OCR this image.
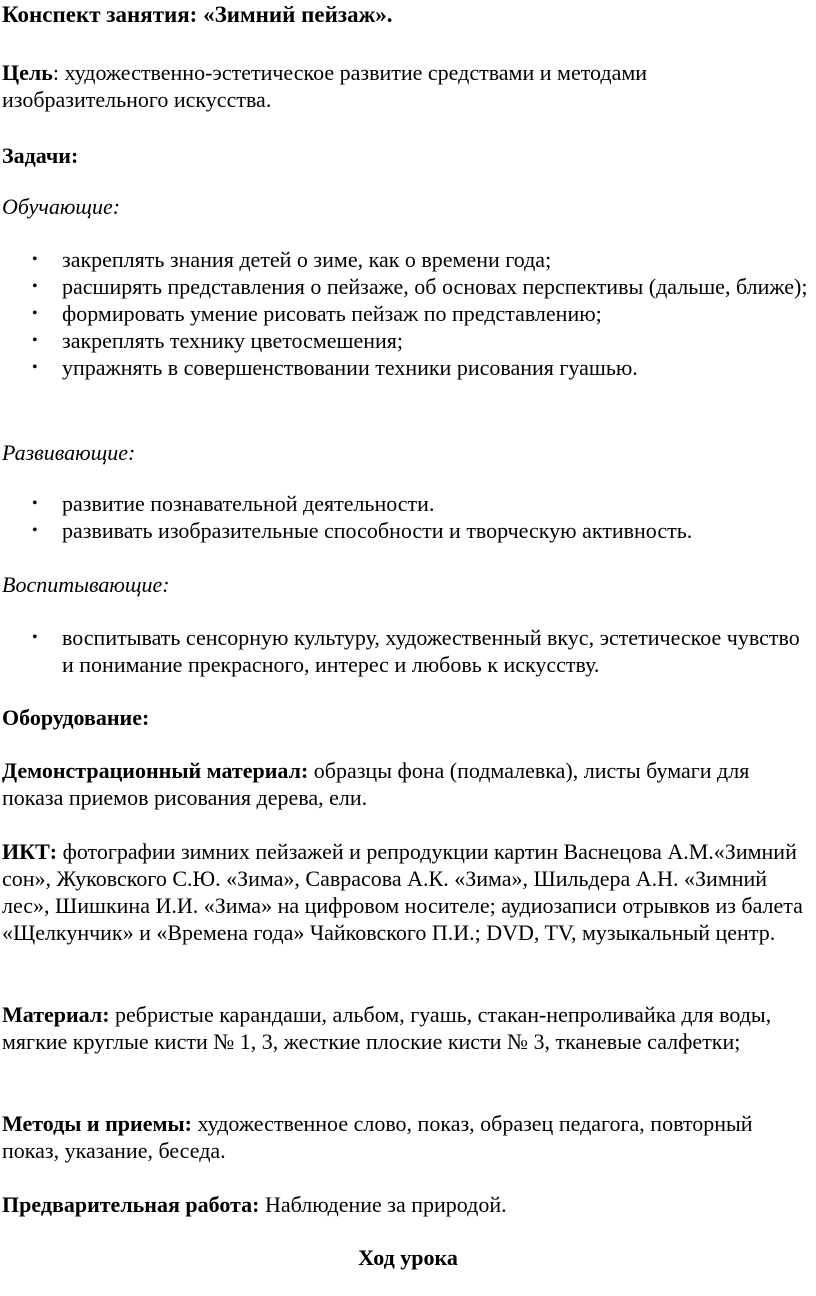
Конспект занятия: «Зимний пейзаж».

Цель: художественно-эстетическое развитие средствами и методами изобразительного искусства.

Задачи:
Обучающие:
• закреплять знания детей о зиме, как о времени года;
• расширять представления о пейзаже, об основах перспективы (дальше, ближе);
• формировать умение рисовать пейзаж по представлению;
• закреплять технику цветосмешения;
• упражнять в совершенствовании техники рисования гуашью.
Развивающие:
• развитие познавательной деятельности.
• развивать изобразительные способности и творческую активность.
Воспитывающие:
• воспитывать сенсорную культуру, художественный вкус, эстетическое чувство и понимание прекрасного, интерес и любовь к искусству.
Оборудование:

Демонстрационный материал: образцы фона (подмалевка), листы бумаги для показа приемов рисования дерева, ели.

ИКТ: фотографии зимних пейзажей и репродукции картин Васнецова А.М.«Зимний сон», Жуковского С.Ю. «Зима», Саврасова А.К. «Зима», Шильдера А.Н. «Зимний лес», Шишкина И.И. «Зима» на цифровом носителе; аудиозаписи отрывков из балета «Щелкунчик» и «Времена года» Чайковского П.И.; DVD, TV, музыкальный центр.

Материал: ребристые карандаши, альбом, гуашь, стакан-непроливайка для воды, мягкие круглые кисти № 1, 3, жесткие плоские кисти № 3, тканевые салфетки;

Методы и приемы: художественное слово, показ, образец педагога, повторный показ, указание, беседа.

Предварительная работа: Наблюдение за природой.

Ход урока
